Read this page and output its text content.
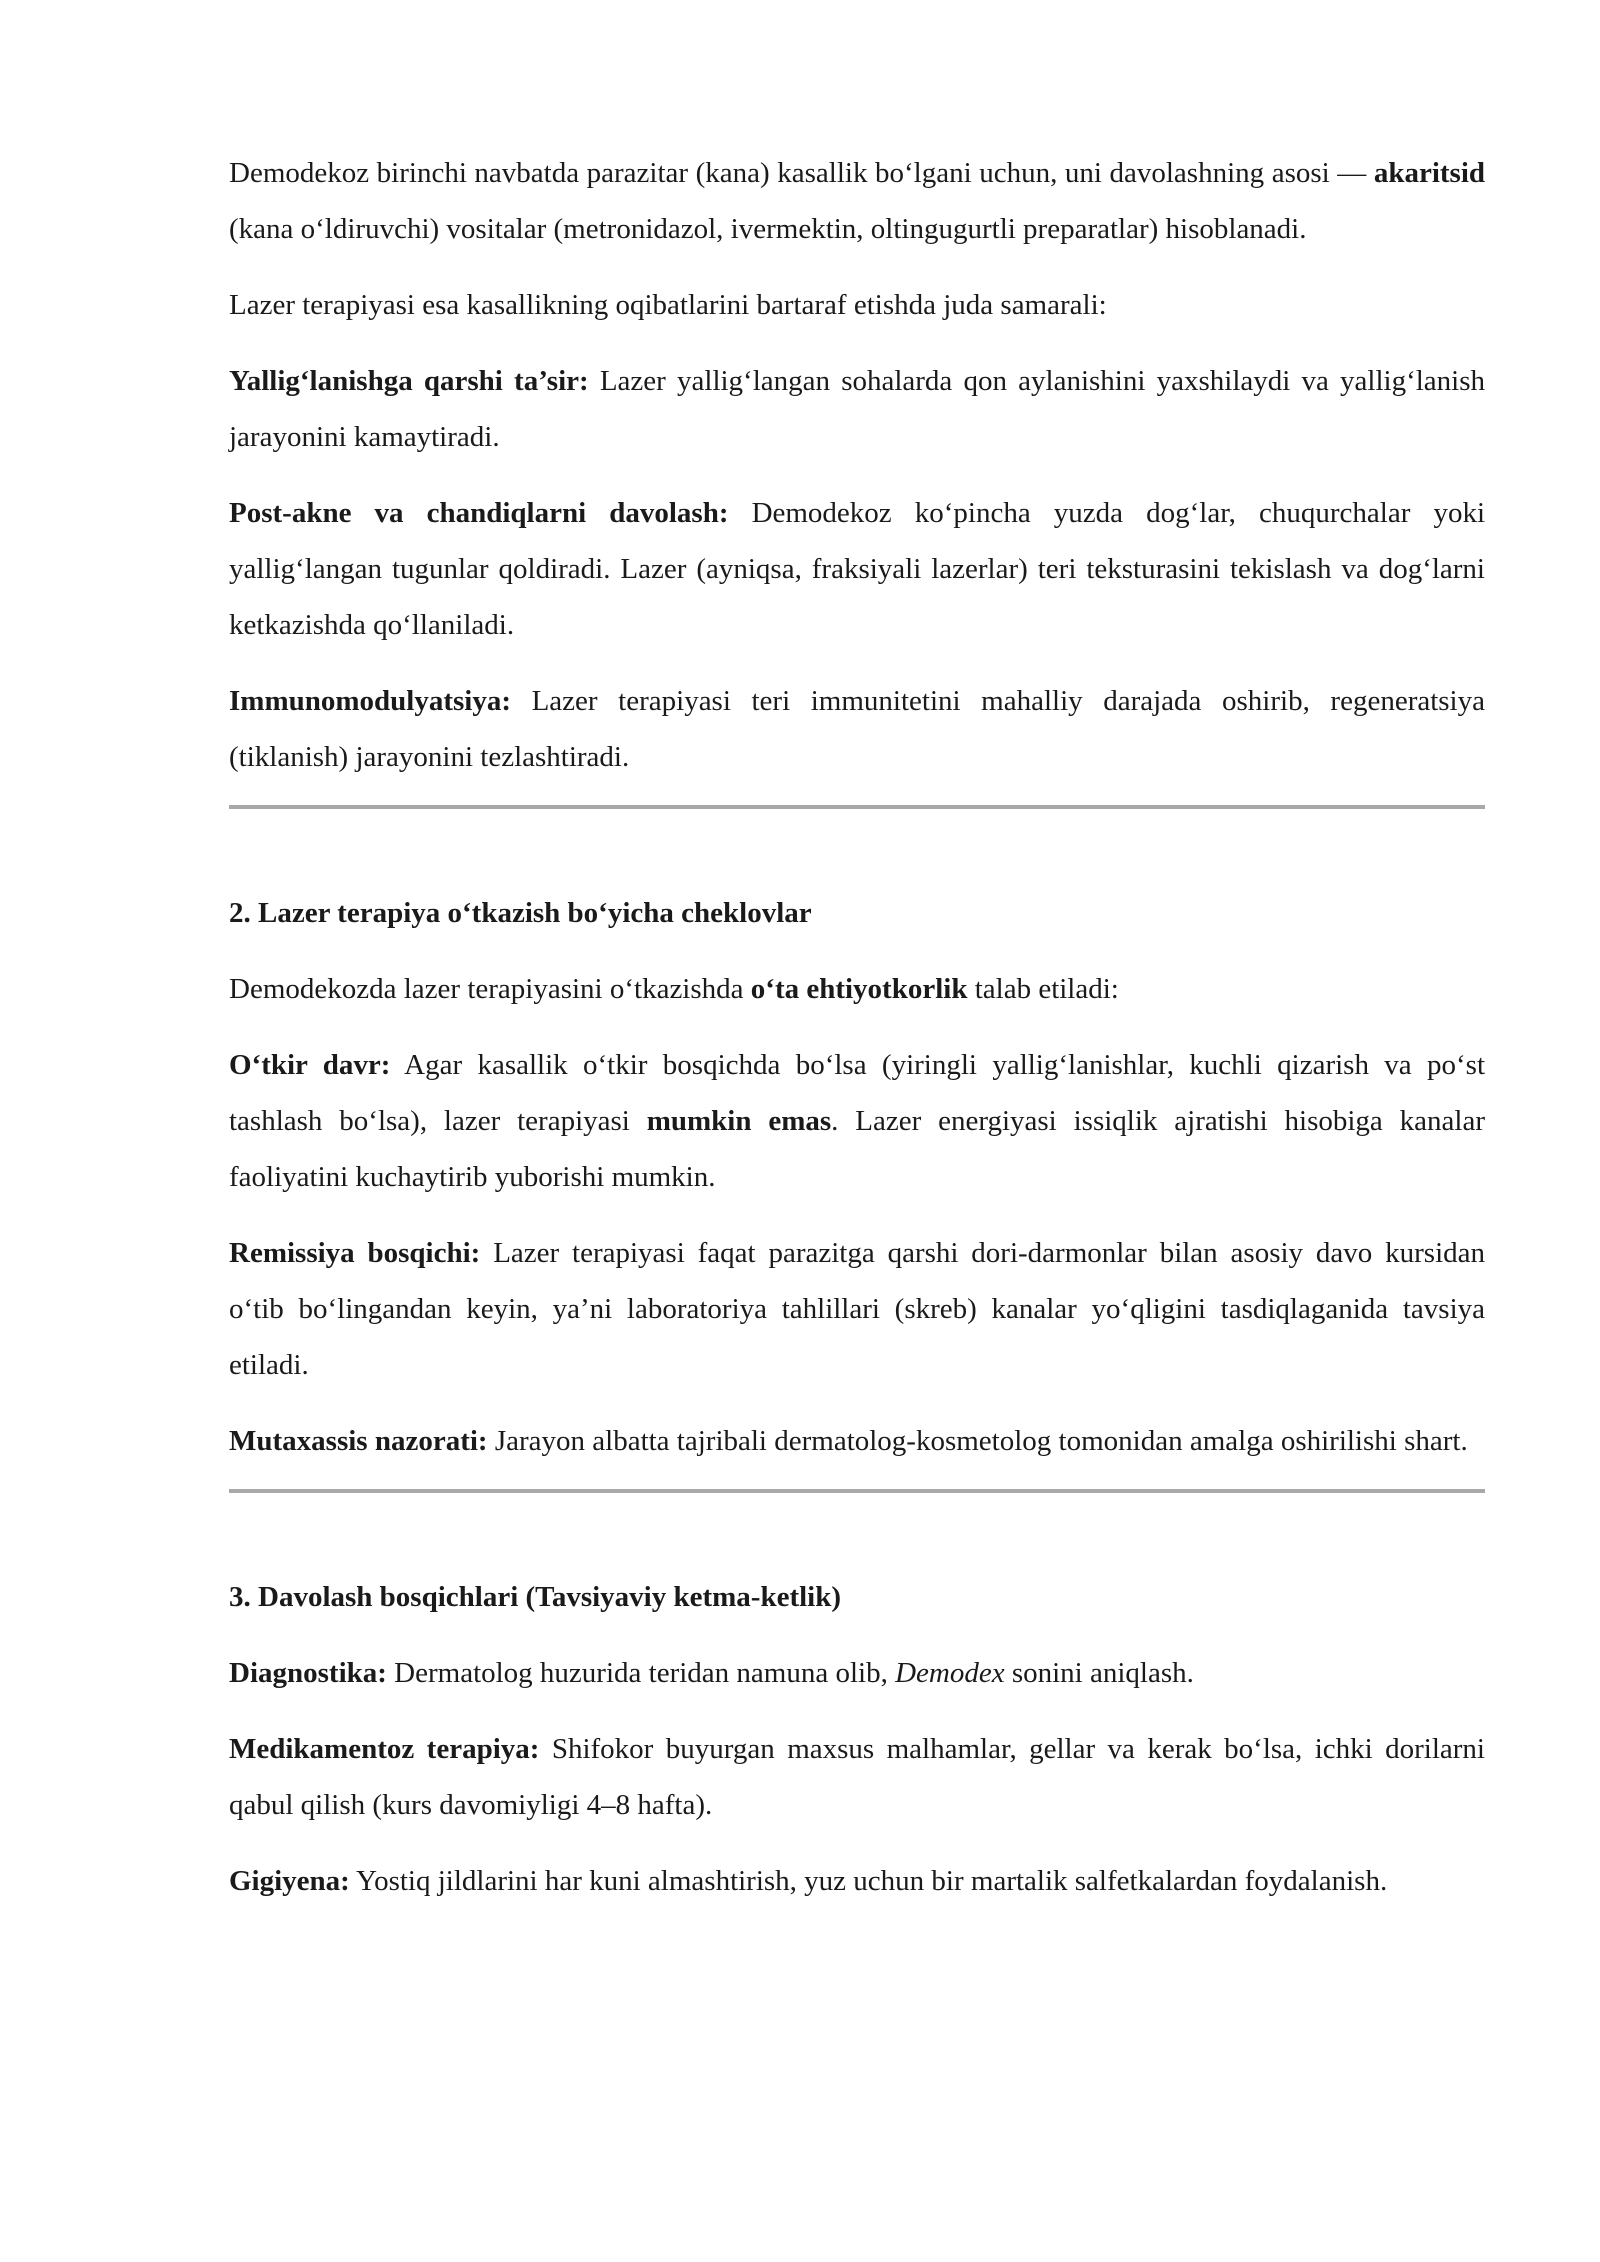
Demodekoz birinchi navbatda parazitar (kana) kasallik bo‘lgani uchun, uni davolashning asosi — akaritsid (kana o‘ldiruvchi) vositalar (metronidazol, ivermektin, oltingugurtli preparatlar) hisoblanadi.

Lazer terapiyasi esa kasallikning oqibatlarini bartaraf etishda juda samarali:

Yallig‘lanishga qarshi ta’sir: Lazer yallig‘langan sohalarda qon aylanishini yaxshilaydi va yallig‘lanish jarayonini kamaytiradi.

Post-akne va chandiqlarni davolash: Demodekoz ko‘pincha yuzda dog‘lar, chuqurchalar yoki yallig‘langan tugunlar qoldiradi. Lazer (ayniqsa, fraksiyali lazerlar) teri teksturasini tekislash va dog‘larni ketkazishda qo‘llaniladi.

Immunomodulyatsiya: Lazer terapiyasi teri immunitetini mahalliy darajada oshirib, regeneratsiya (tiklanish) jarayonini tezlashtiradi.

2. Lazer terapiya o‘tkazish bo‘yicha cheklovlar

Demodekozda lazer terapiyasini o‘tkazishda o‘ta ehtiyotkorlik talab etiladi:

O‘tkir davr: Agar kasallik o‘tkir bosqichda bo‘lsa (yiringli yallig‘lanishlar, kuchli qizarish va po‘st tashlash bo‘lsa), lazer terapiyasi mumkin emas. Lazer energiyasi issiqlik ajratishi hisobiga kanalar faoliyatini kuchaytirib yuborishi mumkin.

Remissiya bosqichi: Lazer terapiyasi faqat parazitga qarshi dori-darmonlar bilan asosiy davo kursidan o‘tib bo‘lingandan keyin, ya’ni laboratoriya tahlillari (skreb) kanalar yo‘qligini tasdiqlaganida tavsiya etiladi.

Mutaxassis nazorati: Jarayon albatta tajribali dermatolog-kosmetolog tomonidan amalga oshirilishi shart.

3. Davolash bosqichlari (Tavsiyaviy ketma-ketlik)

Diagnostika: Dermatolog huzurida teridan namuna olib, Demodex sonini aniqlash.

Medikamentoz terapiya: Shifokor buyurgan maxsus malhamlar, gellar va kerak bo‘lsa, ichki dorilarni qabul qilish (kurs davomiyligi 4–8 hafta).

Gigiyena: Yostiq jildlarini har kuni almashtirish, yuz uchun bir martalik salfetkalardan foydalanish.
